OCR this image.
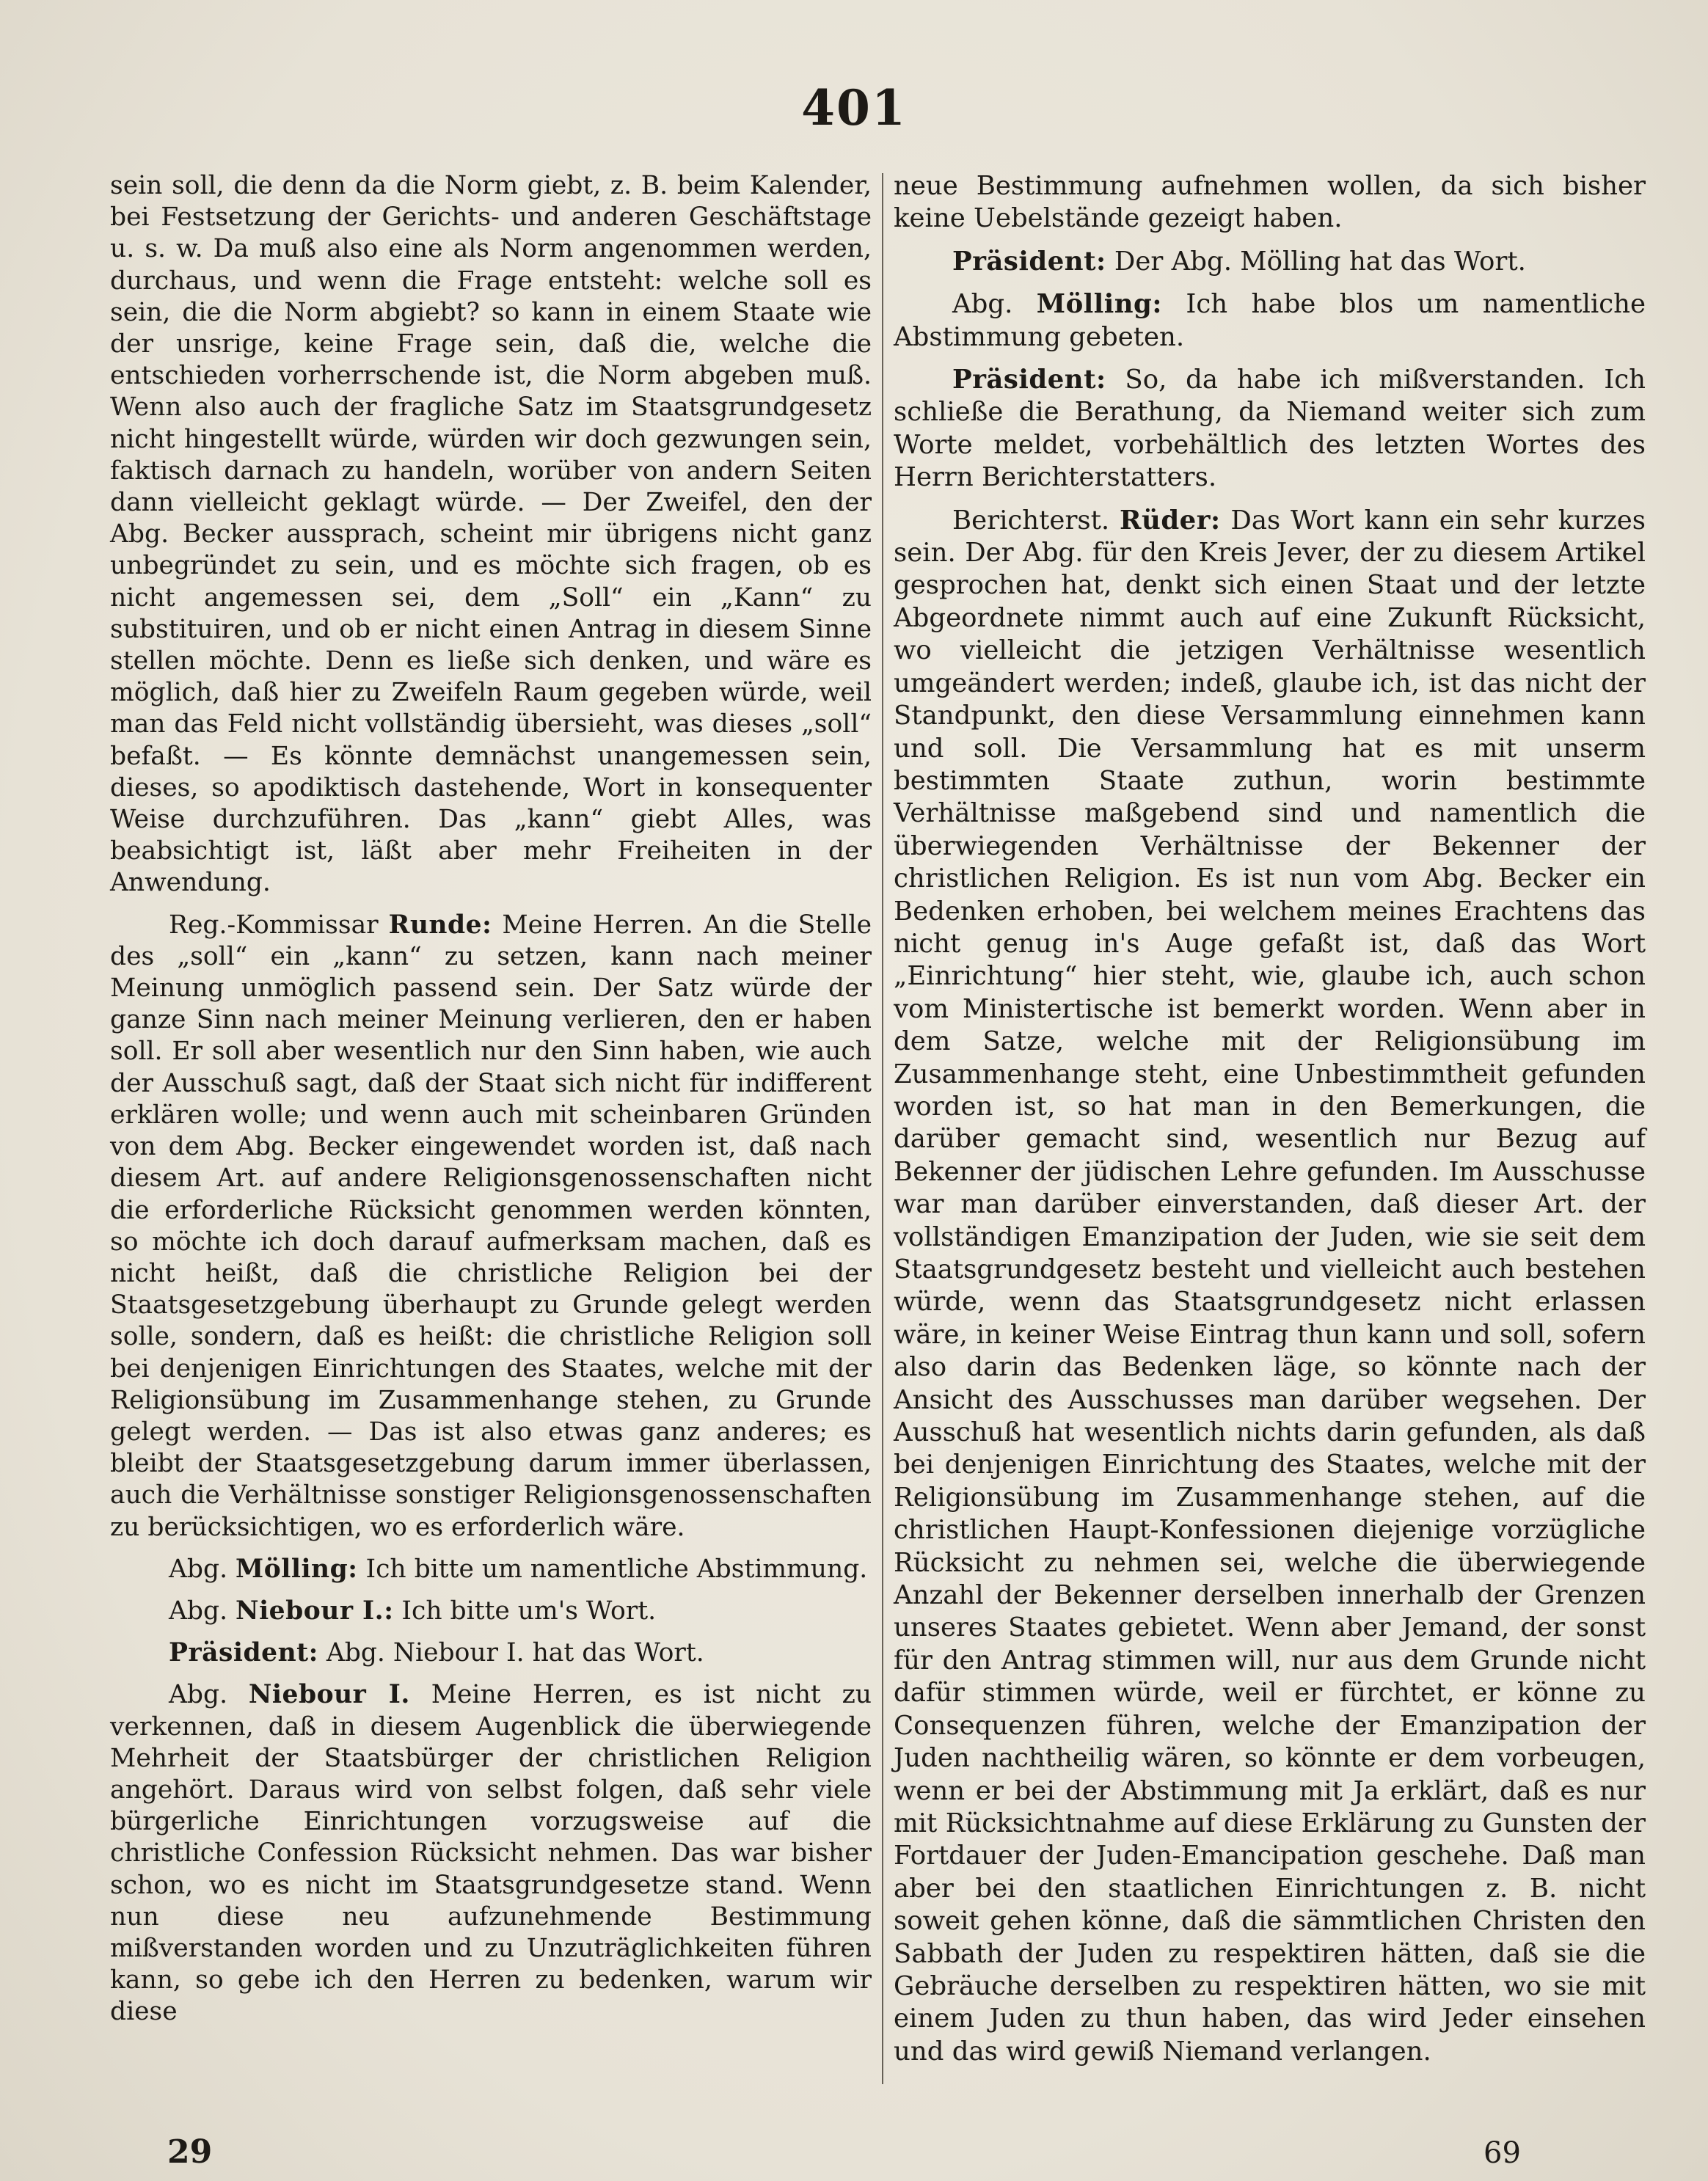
401

sein soll, die denn da die Norm giebt, z. B. beim Kalender, bei Festsetzung der Gerichts- und anderen Geschäftstage u. s. w. Da muß also eine als Norm angenommen werden, durchaus, und wenn die Frage entsteht: welche soll es sein, die die Norm abgiebt? so kann in einem Staate wie der unsrige, keine Frage sein, daß die, welche die entschieden vorherrschende ist, die Norm abgeben muß. Wenn also auch der fragliche Satz im Staatsgrundgesetz nicht hingestellt würde, würden wir doch gezwungen sein, faktisch darnach zu handeln, worüber von andern Seiten dann vielleicht geklagt würde. — Der Zweifel, den der Abg. Becker aussprach, scheint mir übrigens nicht ganz unbegründet zu sein, und es möchte sich fragen, ob es nicht angemessen sei, dem „Soll“ ein „Kann“ zu substituiren, und ob er nicht einen Antrag in diesem Sinne stellen möchte. Denn es ließe sich denken, und wäre es möglich, daß hier zu Zweifeln Raum gegeben würde, weil man das Feld nicht vollständig übersieht, was dieses „soll“ befaßt. — Es könnte demnächst unangemessen sein, dieses, so apodiktisch dastehende, Wort in konsequenter Weise durchzuführen. Das „kann“ giebt Alles, was beabsichtigt ist, läßt aber mehr Freiheiten in der Anwendung.

Reg.-Kommissar Runde: Meine Herren. An die Stelle des „soll“ ein „kann“ zu setzen, kann nach meiner Meinung unmöglich passend sein. Der Satz würde der ganze Sinn nach meiner Meinung verlieren, den er haben soll. Er soll aber wesentlich nur den Sinn haben, wie auch der Ausschuß sagt, daß der Staat sich nicht für indifferent erklären wolle; und wenn auch mit scheinbaren Gründen von dem Abg. Becker eingewendet worden ist, daß nach diesem Art. auf andere Religionsgenossenschaften nicht die erforderliche Rücksicht genommen werden könnten, so möchte ich doch darauf aufmerksam machen, daß es nicht heißt, daß die christliche Religion bei der Staatsgesetzgebung überhaupt zu Grunde gelegt werden solle, sondern, daß es heißt: die christliche Religion soll bei denjenigen Einrichtungen des Staates, welche mit der Religionsübung im Zusammenhange stehen, zu Grunde gelegt werden. — Das ist also etwas ganz anderes; es bleibt der Staatsgesetzgebung darum immer überlassen, auch die Verhältnisse sonstiger Religionsgenossenschaften zu berücksichtigen, wo es erforderlich wäre.

Abg. Mölling: Ich bitte um namentliche Abstimmung.

Abg. Niebour I.: Ich bitte um's Wort.

Präsident: Abg. Niebour I. hat das Wort.

Abg. Niebour I. Meine Herren, es ist nicht zu verkennen, daß in diesem Augenblick die überwiegende Mehrheit der Staatsbürger der christlichen Religion angehört. Daraus wird von selbst folgen, daß sehr viele bürgerliche Einrichtungen vorzugsweise auf die christliche Confession Rücksicht nehmen. Das war bisher schon, wo es nicht im Staatsgrundgesetze stand. Wenn nun diese neu aufzunehmende Bestimmung mißverstanden worden und zu Unzuträglichkeiten führen kann, so gebe ich den Herren zu bedenken, warum wir diese

neue Bestimmung aufnehmen wollen, da sich bisher keine Uebelstände gezeigt haben.

Präsident: Der Abg. Mölling hat das Wort.

Abg. Mölling: Ich habe blos um namentliche Abstimmung gebeten.

Präsident: So, da habe ich mißverstanden. Ich schließe die Berathung, da Niemand weiter sich zum Worte meldet, vorbehältlich des letzten Wortes des Herrn Berichterstatters.

Berichterst. Rüder: Das Wort kann ein sehr kurzes sein. Der Abg. für den Kreis Jever, der zu diesem Artikel gesprochen hat, denkt sich einen Staat und der letzte Abgeordnete nimmt auch auf eine Zukunft Rücksicht, wo vielleicht die jetzigen Verhältnisse wesentlich umgeändert werden; indeß, glaube ich, ist das nicht der Standpunkt, den diese Versammlung einnehmen kann und soll. Die Versammlung hat es mit unserm bestimmten Staate zuthun, worin bestimmte Verhältnisse maßgebend sind und namentlich die überwiegenden Verhältnisse der Bekenner der christlichen Religion. Es ist nun vom Abg. Becker ein Bedenken erhoben, bei welchem meines Erachtens das nicht genug in's Auge gefaßt ist, daß das Wort „Einrichtung“ hier steht, wie, glaube ich, auch schon vom Ministertische ist bemerkt worden. Wenn aber in dem Satze, welche mit der Religionsübung im Zusammenhange steht, eine Unbestimmtheit gefunden worden ist, so hat man in den Bemerkungen, die darüber gemacht sind, wesentlich nur Bezug auf Bekenner der jüdischen Lehre gefunden. Im Ausschusse war man darüber einverstanden, daß dieser Art. der vollständigen Emanzipation der Juden, wie sie seit dem Staatsgrundgesetz besteht und vielleicht auch bestehen würde, wenn das Staatsgrundgesetz nicht erlassen wäre, in keiner Weise Eintrag thun kann und soll, sofern also darin das Bedenken läge, so könnte nach der Ansicht des Ausschusses man darüber wegsehen. Der Ausschuß hat wesentlich nichts darin gefunden, als daß bei denjenigen Einrichtung des Staates, welche mit der Religionsübung im Zusammenhange stehen, auf die christlichen Haupt-Konfessionen diejenige vorzügliche Rücksicht zu nehmen sei, welche die überwiegende Anzahl der Bekenner derselben innerhalb der Grenzen unseres Staates gebietet. Wenn aber Jemand, der sonst für den Antrag stimmen will, nur aus dem Grunde nicht dafür stimmen würde, weil er fürchtet, er könne zu Consequenzen führen, welche der Emanzipation der Juden nachtheilig wären, so könnte er dem vorbeugen, wenn er bei der Abstimmung mit Ja erklärt, daß es nur mit Rücksichtnahme auf diese Erklärung zu Gunsten der Fortdauer der Juden-Emancipation geschehe. Daß man aber bei den staatlichen Einrichtungen z. B. nicht soweit gehen könne, daß die sämmtlichen Christen den Sabbath der Juden zu respektiren hätten, daß sie die Gebräuche derselben zu respektiren hätten, wo sie mit einem Juden zu thun haben, das wird Jeder einsehen und das wird gewiß Niemand verlangen.

29	69
